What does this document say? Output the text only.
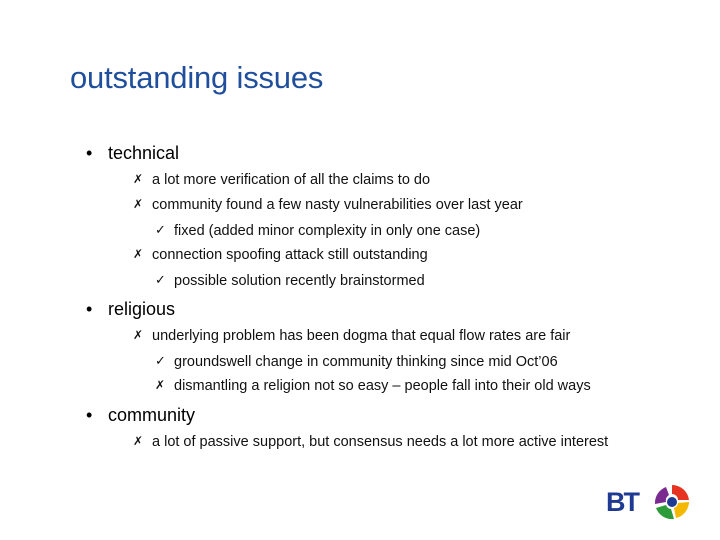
outstanding issues
• technical
✗ a lot more verification of all the claims to do
✗ community found a few nasty vulnerabilities over last year
✓ fixed (added minor complexity in only one case)
✗ connection spoofing attack still outstanding
✓ possible solution recently brainstormed
• religious
✗ underlying problem has been dogma that equal flow rates are fair
✓ groundswell change in community thinking since mid Oct’06
✗ dismantling a religion not so easy – people fall into their old ways
• community
✗ a lot of passive support, but consensus needs a lot more active interest
BT
